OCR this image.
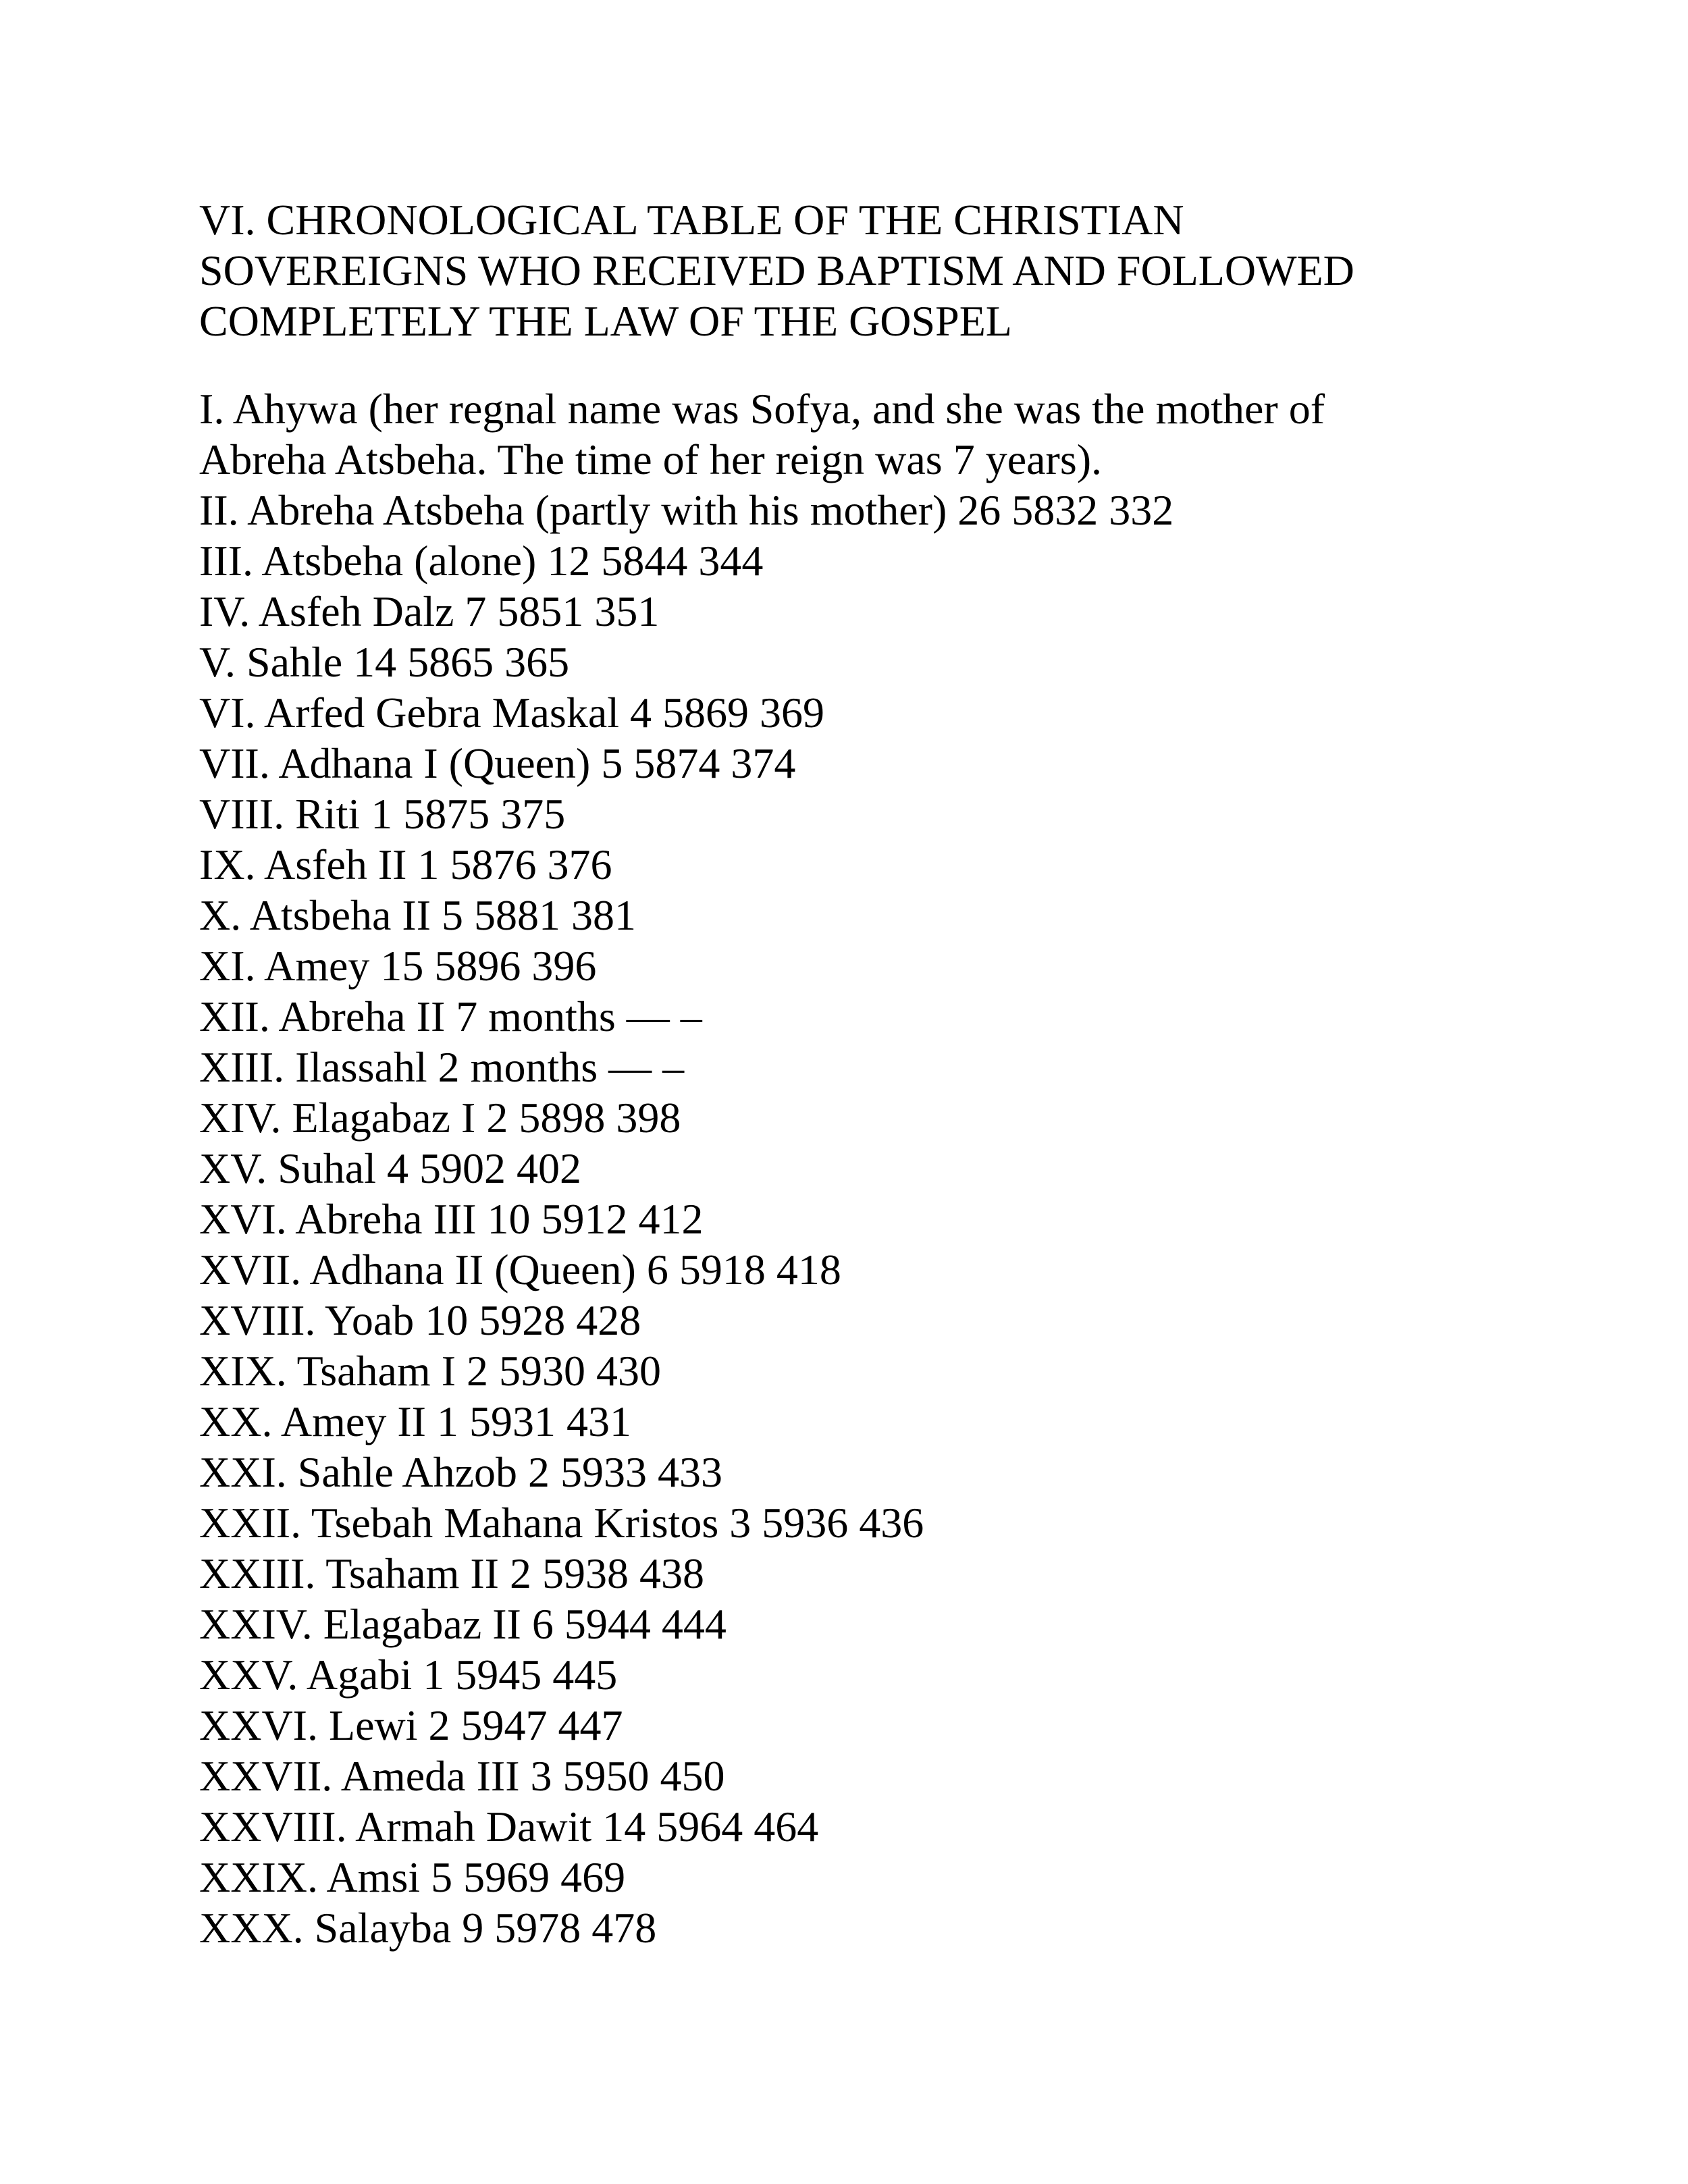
VI. CHRONOLOGICAL TABLE OF THE CHRISTIAN
SOVEREIGNS WHO RECEIVED BAPTISM AND FOLLOWED
COMPLETELY THE LAW OF THE GOSPEL
I. Ahywa (her regnal name was Sofya, and she was the mother of
Abreha Atsbeha. The time of her reign was 7 years).
II. Abreha Atsbeha (partly with his mother) 26 5832 332
III. Atsbeha (alone) 12 5844 344
IV. Asfeh Dalz 7 5851 351
V. Sahle 14 5865 365
VI. Arfed Gebra Maskal 4 5869 369
VII. Adhana I (Queen) 5 5874 374
VIII. Riti 1 5875 375
IX. Asfeh II 1 5876 376
X. Atsbeha II 5 5881 381
XI. Amey 15 5896 396
XII. Abreha II 7 months — –
XIII. Ilassahl 2 months — –
XIV. Elagabaz I 2 5898 398
XV. Suhal 4 5902 402
XVI. Abreha III 10 5912 412
XVII. Adhana II (Queen) 6 5918 418
XVIII. Yoab 10 5928 428
XIX. Tsaham I 2 5930 430
XX. Amey II 1 5931 431
XXI. Sahle Ahzob 2 5933 433
XXII. Tsebah Mahana Kristos 3 5936 436
XXIII. Tsaham II 2 5938 438
XXIV. Elagabaz II 6 5944 444
XXV. Agabi 1 5945 445
XXVI. Lewi 2 5947 447
XXVII. Ameda III 3 5950 450
XXVIII. Armah Dawit 14 5964 464
XXIX. Amsi 5 5969 469
XXX. Salayba 9 5978 478
